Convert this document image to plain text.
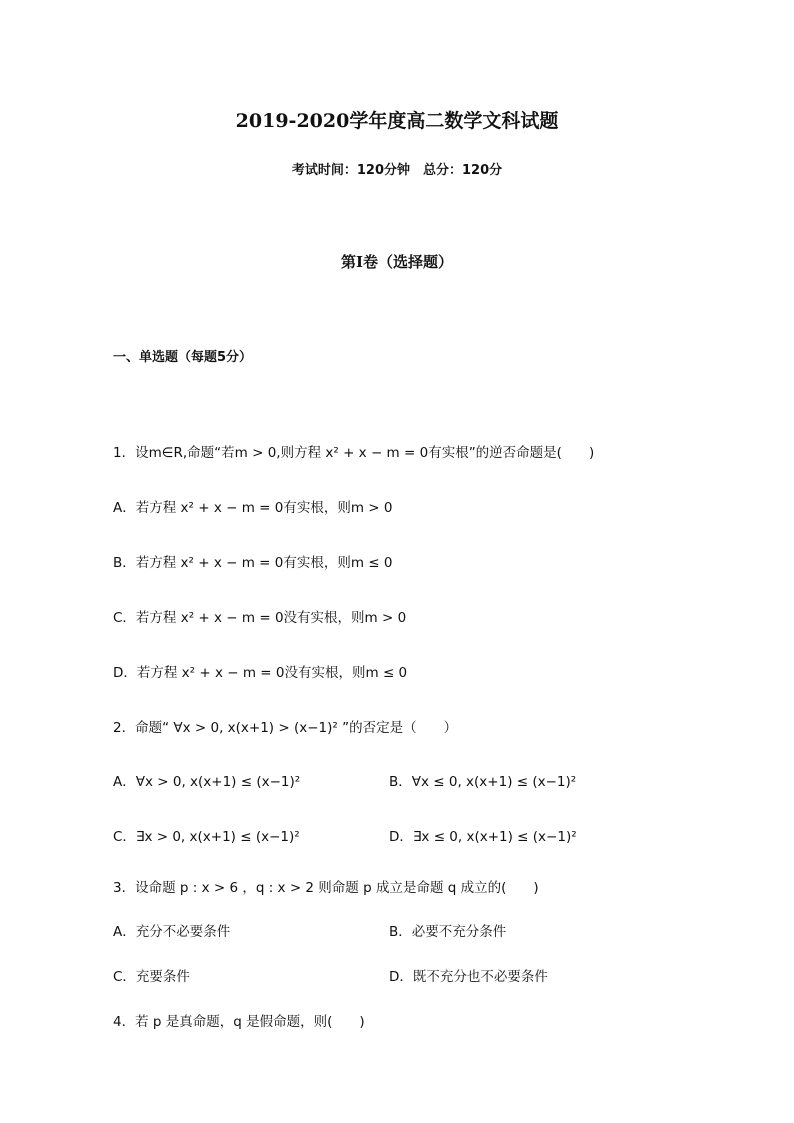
2019-2020学年度高二数学文科试题
考试时间：120分钟　总分：120分
第I卷（选择题）
一、单选题（每题5分）
1．设m∈R,命题“若m > 0,则方程 x² + x − m = 0有实根”的逆否命题是(　　)
A．若方程 x² + x − m = 0有实根，则m > 0
B．若方程 x² + x − m = 0有实根，则m ≤ 0
C．若方程 x² + x − m = 0没有实根，则m > 0
D．若方程 x² + x − m = 0没有实根，则m ≤ 0
2．命题“ ∀x > 0, x(x+1) > (x−1)² ”的否定是（　　）
A．∀x > 0, x(x+1) ≤ (x−1)²	B．∀x ≤ 0, x(x+1) ≤ (x−1)²
C．∃x > 0, x(x+1) ≤ (x−1)²	D．∃x ≤ 0, x(x+1) ≤ (x−1)²
3．设命题 p : x > 6 ，q : x > 2 则命题 p 成立是命题 q 成立的(　　)
A．充分不必要条件	B．必要不充分条件
C．充要条件	D．既不充分也不必要条件
4．若 p 是真命题，q 是假命题，则(　　)
